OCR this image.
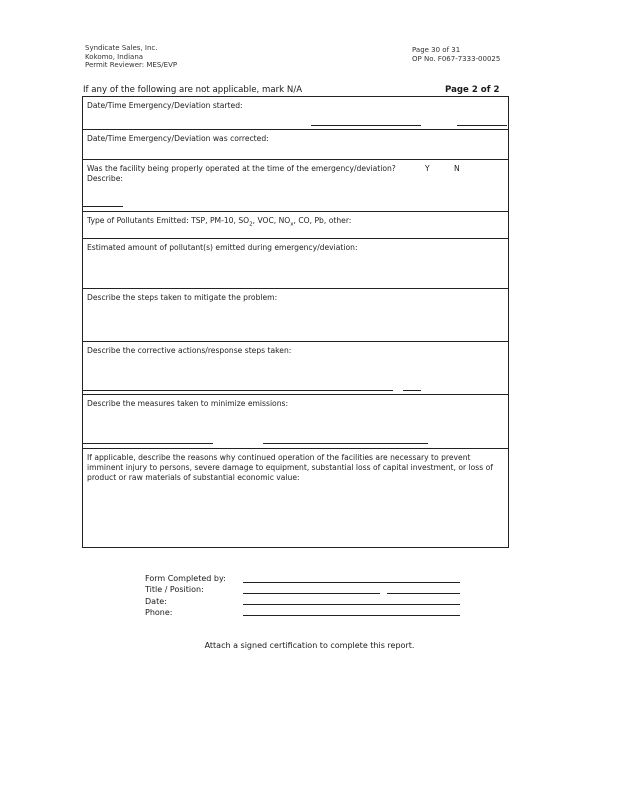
Syndicate Sales, Inc.
Kokomo, Indiana
Permit Reviewer: MES/EVP
Page 30 of 31
OP No. F067-7333-00025
If any of the following are not applicable, mark N/A	Page 2 of 2
Date/Time Emergency/Deviation started:
Date/Time Emergency/Deviation was corrected:
Was the facility being properly operated at the time of the emergency/deviation?
Describe:
Y	N
Type of Pollutants Emitted: TSP, PM-10, $SO_2$, VOC, $NO_x$, CO, Pb, other:
Estimated amount of pollutant(s) emitted during emergency/deviation:
Describe the steps taken to mitigate the problem:
Describe the corrective actions/response steps taken:
Describe the measures taken to minimize emissions:
If applicable, describe the reasons why continued operation of the facilities are necessary to prevent imminent injury to persons, severe damage to equipment, substantial loss of capital investment, or loss of product or raw materials of substantial economic value:
Form Completed by:
Title / Position:
Date:
Phone:
Attach a signed certification to complete this report.
